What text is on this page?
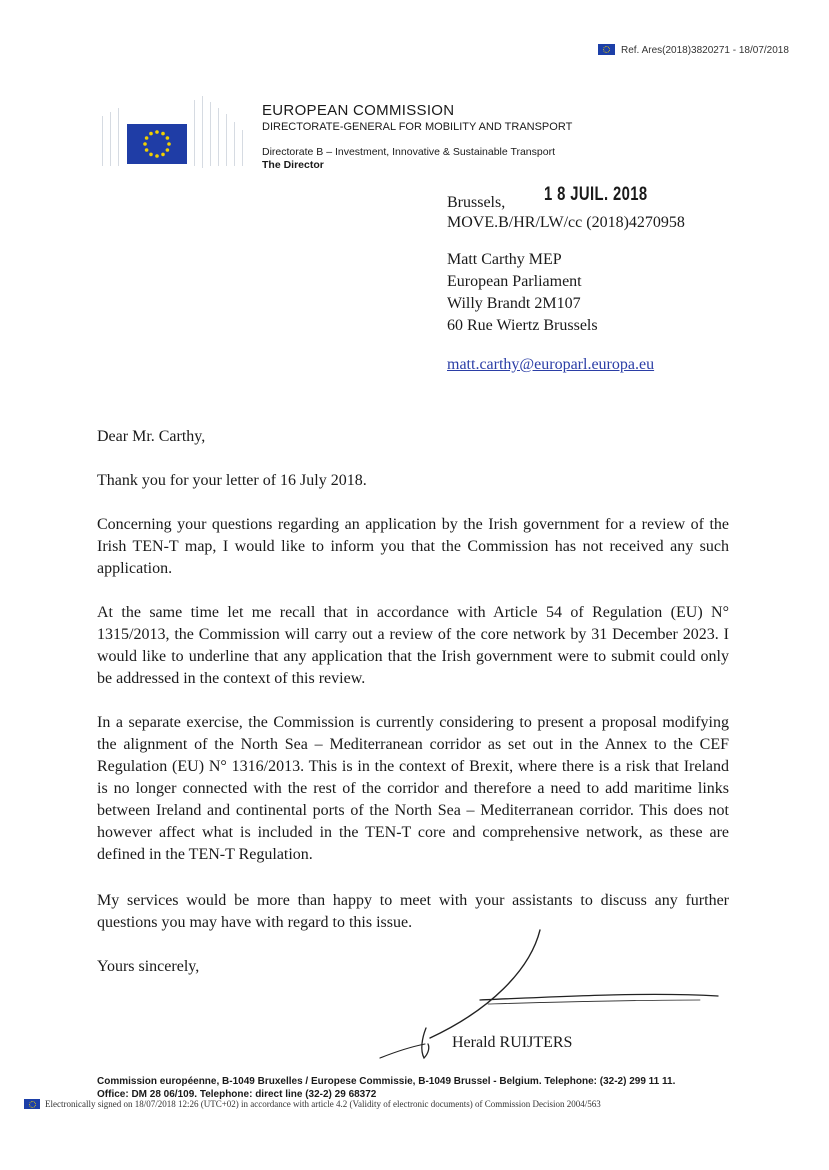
Ref. Ares(2018)3820271 - 18/07/2018
EUROPEAN COMMISSION
DIRECTORATE-GENERAL FOR MOBILITY AND TRANSPORT
Directorate B – Investment, Innovative & Sustainable Transport
The Director
Brussels, 1 8 JUIL. 2018
MOVE.B/HR/LW/cc (2018)4270958
Matt Carthy MEP
European Parliament
Willy Brandt 2M107
60 Rue Wiertz Brussels
matt.carthy@europarl.europa.eu
Dear Mr. Carthy,
Thank you for your letter of 16 July 2018.
Concerning your questions regarding an application by the Irish government for a review of the Irish TEN-T map, I would like to inform you that the Commission has not received any such application.
At the same time let me recall that in accordance with Article 54 of Regulation (EU) N° 1315/2013, the Commission will carry out a review of the core network by 31 December 2023. I would like to underline that any application that the Irish government were to submit could only be addressed in the context of this review.
In a separate exercise, the Commission is currently considering to present a proposal modifying the alignment of the North Sea – Mediterranean corridor as set out in the Annex to the CEF Regulation (EU) N° 1316/2013. This is in the context of Brexit, where there is a risk that Ireland is no longer connected with the rest of the corridor and therefore a need to add maritime links between Ireland and continental ports of the North Sea – Mediterranean corridor. This does not however affect what is included in the TEN-T core and comprehensive network, as these are defined in the TEN-T Regulation.
My services would be more than happy to meet with your assistants to discuss any further questions you may have with regard to this issue.
Yours sincerely,
Herald RUIJTERS
Commission européenne, B-1049 Bruxelles / Europese Commissie, B-1049 Brussel - Belgium. Telephone: (32-2) 299 11 11.
Office: DM 28 06/109. Telephone: direct line (32-2) 29 68372
Electronically signed on 18/07/2018 12:26 (UTC+02) in accordance with article 4.2 (Validity of electronic documents) of Commission Decision 2004/563
